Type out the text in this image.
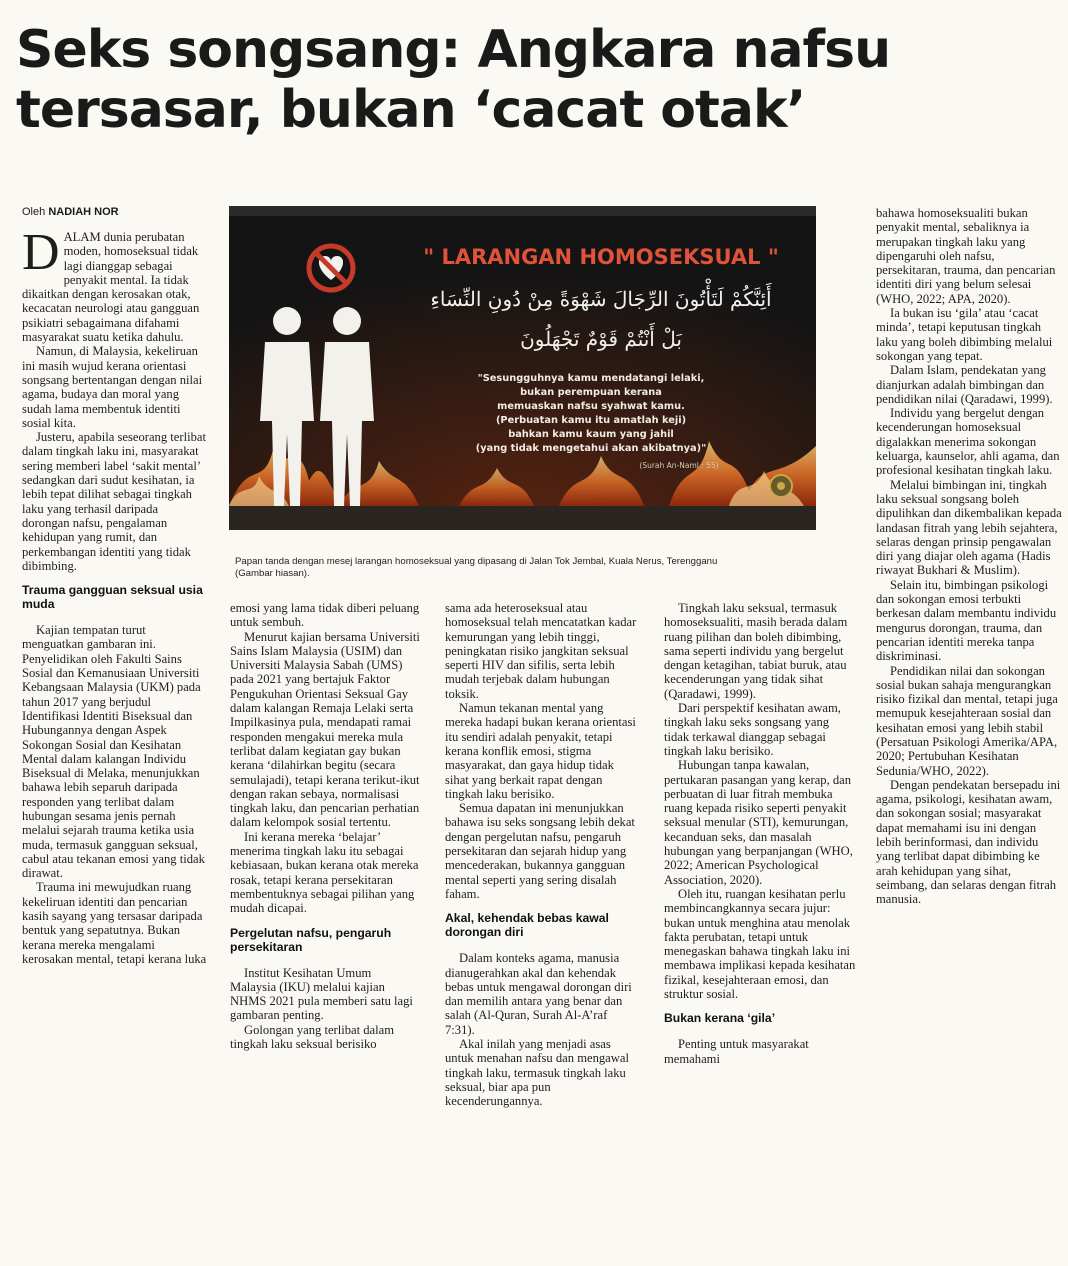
Seks songsang: Angkara nafsu
tersasar, bukan ‘cacat otak’
Oleh NADIAH NOR

DALAM dunia perubatan moden, homoseksual tidak lagi dianggap sebagai penyakit mental. Ia tidak dikaitkan dengan kerosakan otak, kecacatan neurologi atau gangguan psikiatri sebagaimana difahami masyarakat suatu ketika dahulu.

Namun, di Malaysia, kekeliruan ini masih wujud kerana orientasi songsang bertentangan dengan nilai agama, budaya dan moral yang sudah lama membentuk identiti sosial kita.

Justeru, apabila seseorang terlibat dalam tingkah laku ini, masyarakat sering memberi label ‘sakit mental’ sedangkan dari sudut kesihatan, ia lebih tepat dilihat sebagai tingkah laku yang terhasil daripada dorongan nafsu, pengalaman kehidupan yang rumit, dan perkembangan identiti yang tidak dibimbing.

Trauma gangguan seksual usia muda

Kajian tempatan turut menguatkan gambaran ini. Penyelidikan oleh Fakulti Sains Sosial dan Kemanusiaan Universiti Kebangsaan Malaysia (UKM) pada tahun 2017 yang berjudul Identifikasi Identiti Biseksual dan Hubungannya dengan Aspek Sokongan Sosial dan Kesihatan Mental dalam kalangan Individu Biseksual di Melaka, menunjukkan bahawa lebih separuh daripada responden yang terlibat dalam hubungan sesama jenis pernah melalui sejarah trauma ketika usia muda, termasuk gangguan seksual, cabul atau tekanan emosi yang tidak dirawat.

Trauma ini mewujudkan ruang kekeliruan identiti dan pencarian kasih sayang yang tersasar daripada bentuk yang sepatutnya. Bukan kerana mereka mengalami kerosakan mental, tetapi kerana luka

" LARANGAN HOMOSEKSUAL "
أَئِنَّكُمْ لَتَأْتُونَ الرِّجَالَ شَهْوَةً مِنْ دُونِ النِّسَاءِ
بَلْ أَنْتُمْ قَوْمٌ تَجْهَلُونَ
"Sesungguhnya kamu mendatangi lelaki,
bukan perempuan kerana
memuaskan nafsu syahwat kamu.
(Perbuatan kamu itu amatlah keji)
bahkan kamu kaum yang jahil
(yang tidak mengetahui akan akibatnya)"
(Surah An-Naml : 55)
Papan tanda dengan mesej larangan homoseksual yang dipasang di Jalan Tok Jembal, Kuala Nerus, Terengganu
(Gambar hiasan).

emosi yang lama tidak diberi peluang untuk sembuh.

Menurut kajian bersama Universiti Sains Islam Malaysia (USIM) dan Universiti Malaysia Sabah (UMS) pada 2021 yang bertajuk Faktor Pengukuhan Orientasi Seksual Gay dalam kalangan Remaja Lelaki serta Impilkasinya pula, mendapati ramai responden mengakui mereka mula terlibat dalam kegiatan gay bukan kerana ‘dilahirkan begitu (secara semulajadi), tetapi kerana terikut-ikut dengan rakan sebaya, normalisasi tingkah laku, dan pencarian perhatian dalam kelompok sosial tertentu.

Ini kerana mereka ‘belajar’ menerima tingkah laku itu sebagai kebiasaan, bukan kerana otak mereka rosak, tetapi kerana persekitaran membentuknya sebagai pilihan yang mudah dicapai.

Pergelutan nafsu, pengaruh persekitaran

Institut Kesihatan Umum Malaysia (IKU) melalui kajian NHMS 2021 pula memberi satu lagi gambaran penting.

Golongan yang terlibat dalam tingkah laku seksual berisiko

sama ada heteroseksual atau homoseksual telah mencatatkan kadar kemurungan yang lebih tinggi, peningkatan risiko jangkitan seksual seperti HIV dan sifilis, serta lebih mudah terjebak dalam hubungan toksik.

Namun tekanan mental yang mereka hadapi bukan kerana orientasi itu sendiri adalah penyakit, tetapi kerana konflik emosi, stigma masyarakat, dan gaya hidup tidak sihat yang berkait rapat dengan tingkah laku berisiko.

Semua dapatan ini menunjukkan bahawa isu seks songsang lebih dekat dengan pergelutan nafsu, pengaruh persekitaran dan sejarah hidup yang mencederakan, bukannya gangguan mental seperti yang sering disalah faham.

Akal, kehendak bebas kawal dorongan diri

Dalam konteks agama, manusia dianugerahkan akal dan kehendak bebas untuk mengawal dorongan diri dan memilih antara yang benar dan salah (Al-Quran, Surah Al-A’raf 7:31).

Akal inilah yang menjadi asas untuk menahan nafsu dan mengawal tingkah laku, termasuk tingkah laku seksual, biar apa pun kecenderungannya.

Tingkah laku seksual, termasuk homoseksualiti, masih berada dalam ruang pilihan dan boleh dibimbing, sama seperti individu yang bergelut dengan ketagihan, tabiat buruk, atau kecenderungan yang tidak sihat (Qaradawi, 1999).

Dari perspektif kesihatan awam, tingkah laku seks songsang yang tidak terkawal dianggap sebagai tingkah laku berisiko.

Hubungan tanpa kawalan, pertukaran pasangan yang kerap, dan perbuatan di luar fitrah membuka ruang kepada risiko seperti penyakit seksual menular (STI), kemurungan, kecanduan seks, dan masalah hubungan yang berpanjangan (WHO, 2022; American Psychological Association, 2020).

Oleh itu, ruangan kesihatan perlu membincangkannya secara jujur: bukan untuk menghina atau menolak fakta perubatan, tetapi untuk menegaskan bahawa tingkah laku ini membawa implikasi kepada kesihatan fizikal, kesejahteraan emosi, dan struktur sosial.

Bukan kerana ‘gila’

Penting untuk masyarakat memahami

bahawa homoseksualiti bukan penyakit mental, sebaliknya ia merupakan tingkah laku yang dipengaruhi oleh nafsu, persekitaran, trauma, dan pencarian identiti diri yang belum selesai (WHO, 2022; APA, 2020).

Ia bukan isu ‘gila’ atau ‘cacat minda’, tetapi keputusan tingkah laku yang boleh dibimbing melalui sokongan yang tepat.

Dalam Islam, pendekatan yang dianjurkan adalah bimbingan dan pendidikan nilai (Qaradawi, 1999).

Individu yang bergelut dengan kecenderungan homoseksual digalakkan menerima sokongan keluarga, kaunselor, ahli agama, dan profesional kesihatan tingkah laku.

Melalui bimbingan ini, tingkah laku seksual songsang boleh dipulihkan dan dikembalikan kepada landasan fitrah yang lebih sejahtera, selaras dengan prinsip pengawalan diri yang diajar oleh agama (Hadis riwayat Bukhari & Muslim).

Selain itu, bimbingan psikologi dan sokongan emosi terbukti berkesan dalam membantu individu mengurus dorongan, trauma, dan pencarian identiti mereka tanpa diskriminasi.

Pendidikan nilai dan sokongan sosial bukan sahaja mengurangkan risiko fizikal dan mental, tetapi juga memupuk kesejahteraan sosial dan kesihatan emosi yang lebih stabil (Persatuan Psikologi Amerika/APA, 2020; Pertubuhan Kesihatan Sedunia/WHO, 2022).

Dengan pendekatan bersepadu ini agama, psikologi, kesihatan awam, dan sokongan sosial; masyarakat dapat memahami isu ini dengan lebih berinformasi, dan individu yang terlibat dapat dibimbing ke arah kehidupan yang sihat, seimbang, dan selaras dengan fitrah manusia.
